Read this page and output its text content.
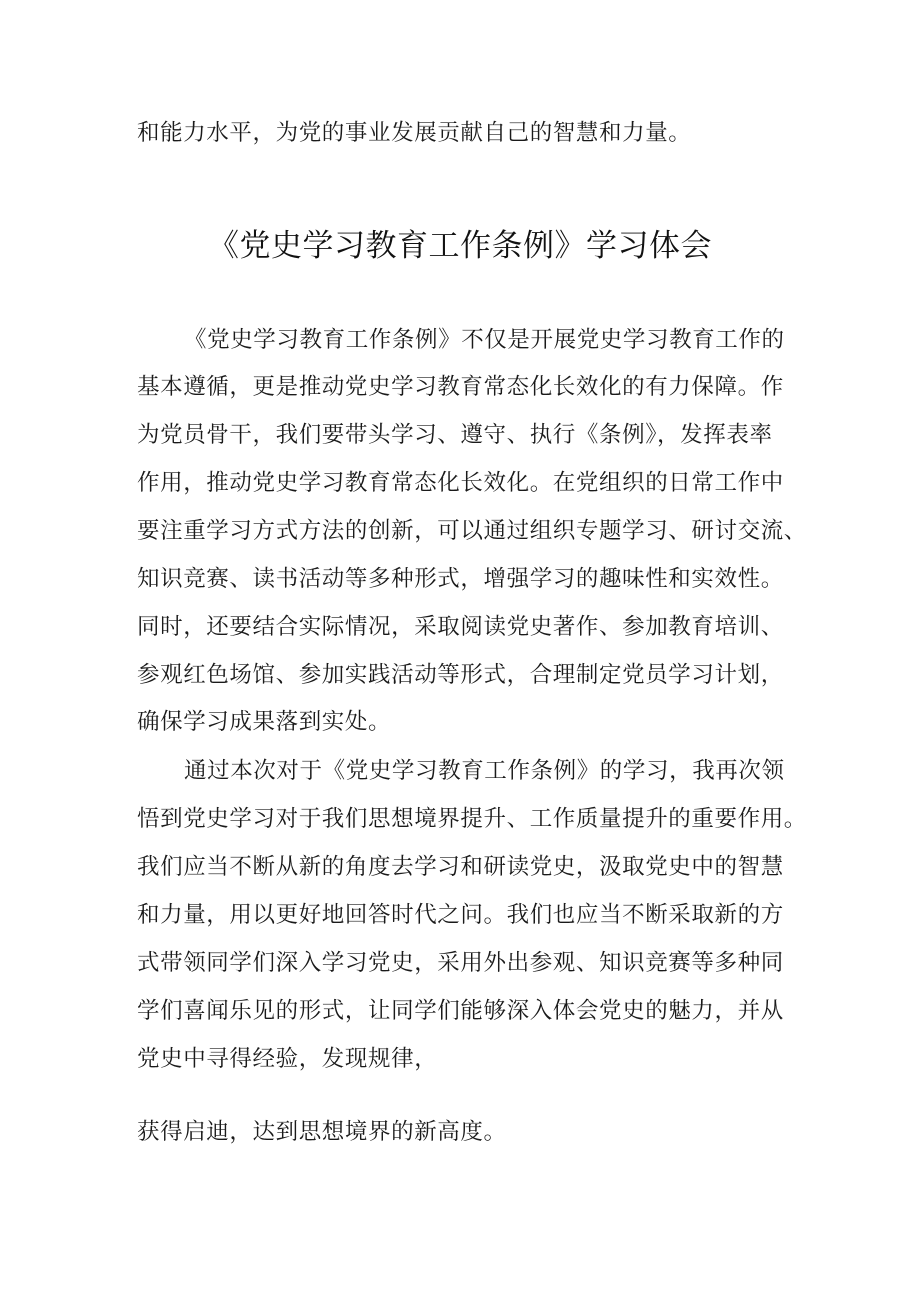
和能力水平，为党的事业发展贡献自己的智慧和力量。
《党史学习教育工作条例》学习体会
《党史学习教育工作条例》不仅是开展党史学习教育工作的
基本遵循，更是推动党史学习教育常态化长效化的有力保障。作
为党员骨干，我们要带头学习、遵守、执行《条例》，发挥表率
作用，推动党史学习教育常态化长效化。在党组织的日常工作中
要注重学习方式方法的创新，可以通过组织专题学习、研讨交流、
知识竞赛、读书活动等多种形式，增强学习的趣味性和实效性。
同时，还要结合实际情况，采取阅读党史著作、参加教育培训、
参观红色场馆、参加实践活动等形式，合理制定党员学习计划，
确保学习成果落到实处。
通过本次对于《党史学习教育工作条例》的学习，我再次领
悟到党史学习对于我们思想境界提升、工作质量提升的重要作用。
我们应当不断从新的角度去学习和研读党史，汲取党史中的智慧
和力量，用以更好地回答时代之问。我们也应当不断采取新的方
式带领同学们深入学习党史，采用外出参观、知识竞赛等多种同
学们喜闻乐见的形式，让同学们能够深入体会党史的魅力，并从
党史中寻得经验，发现规律，
获得启迪，达到思想境界的新高度。
